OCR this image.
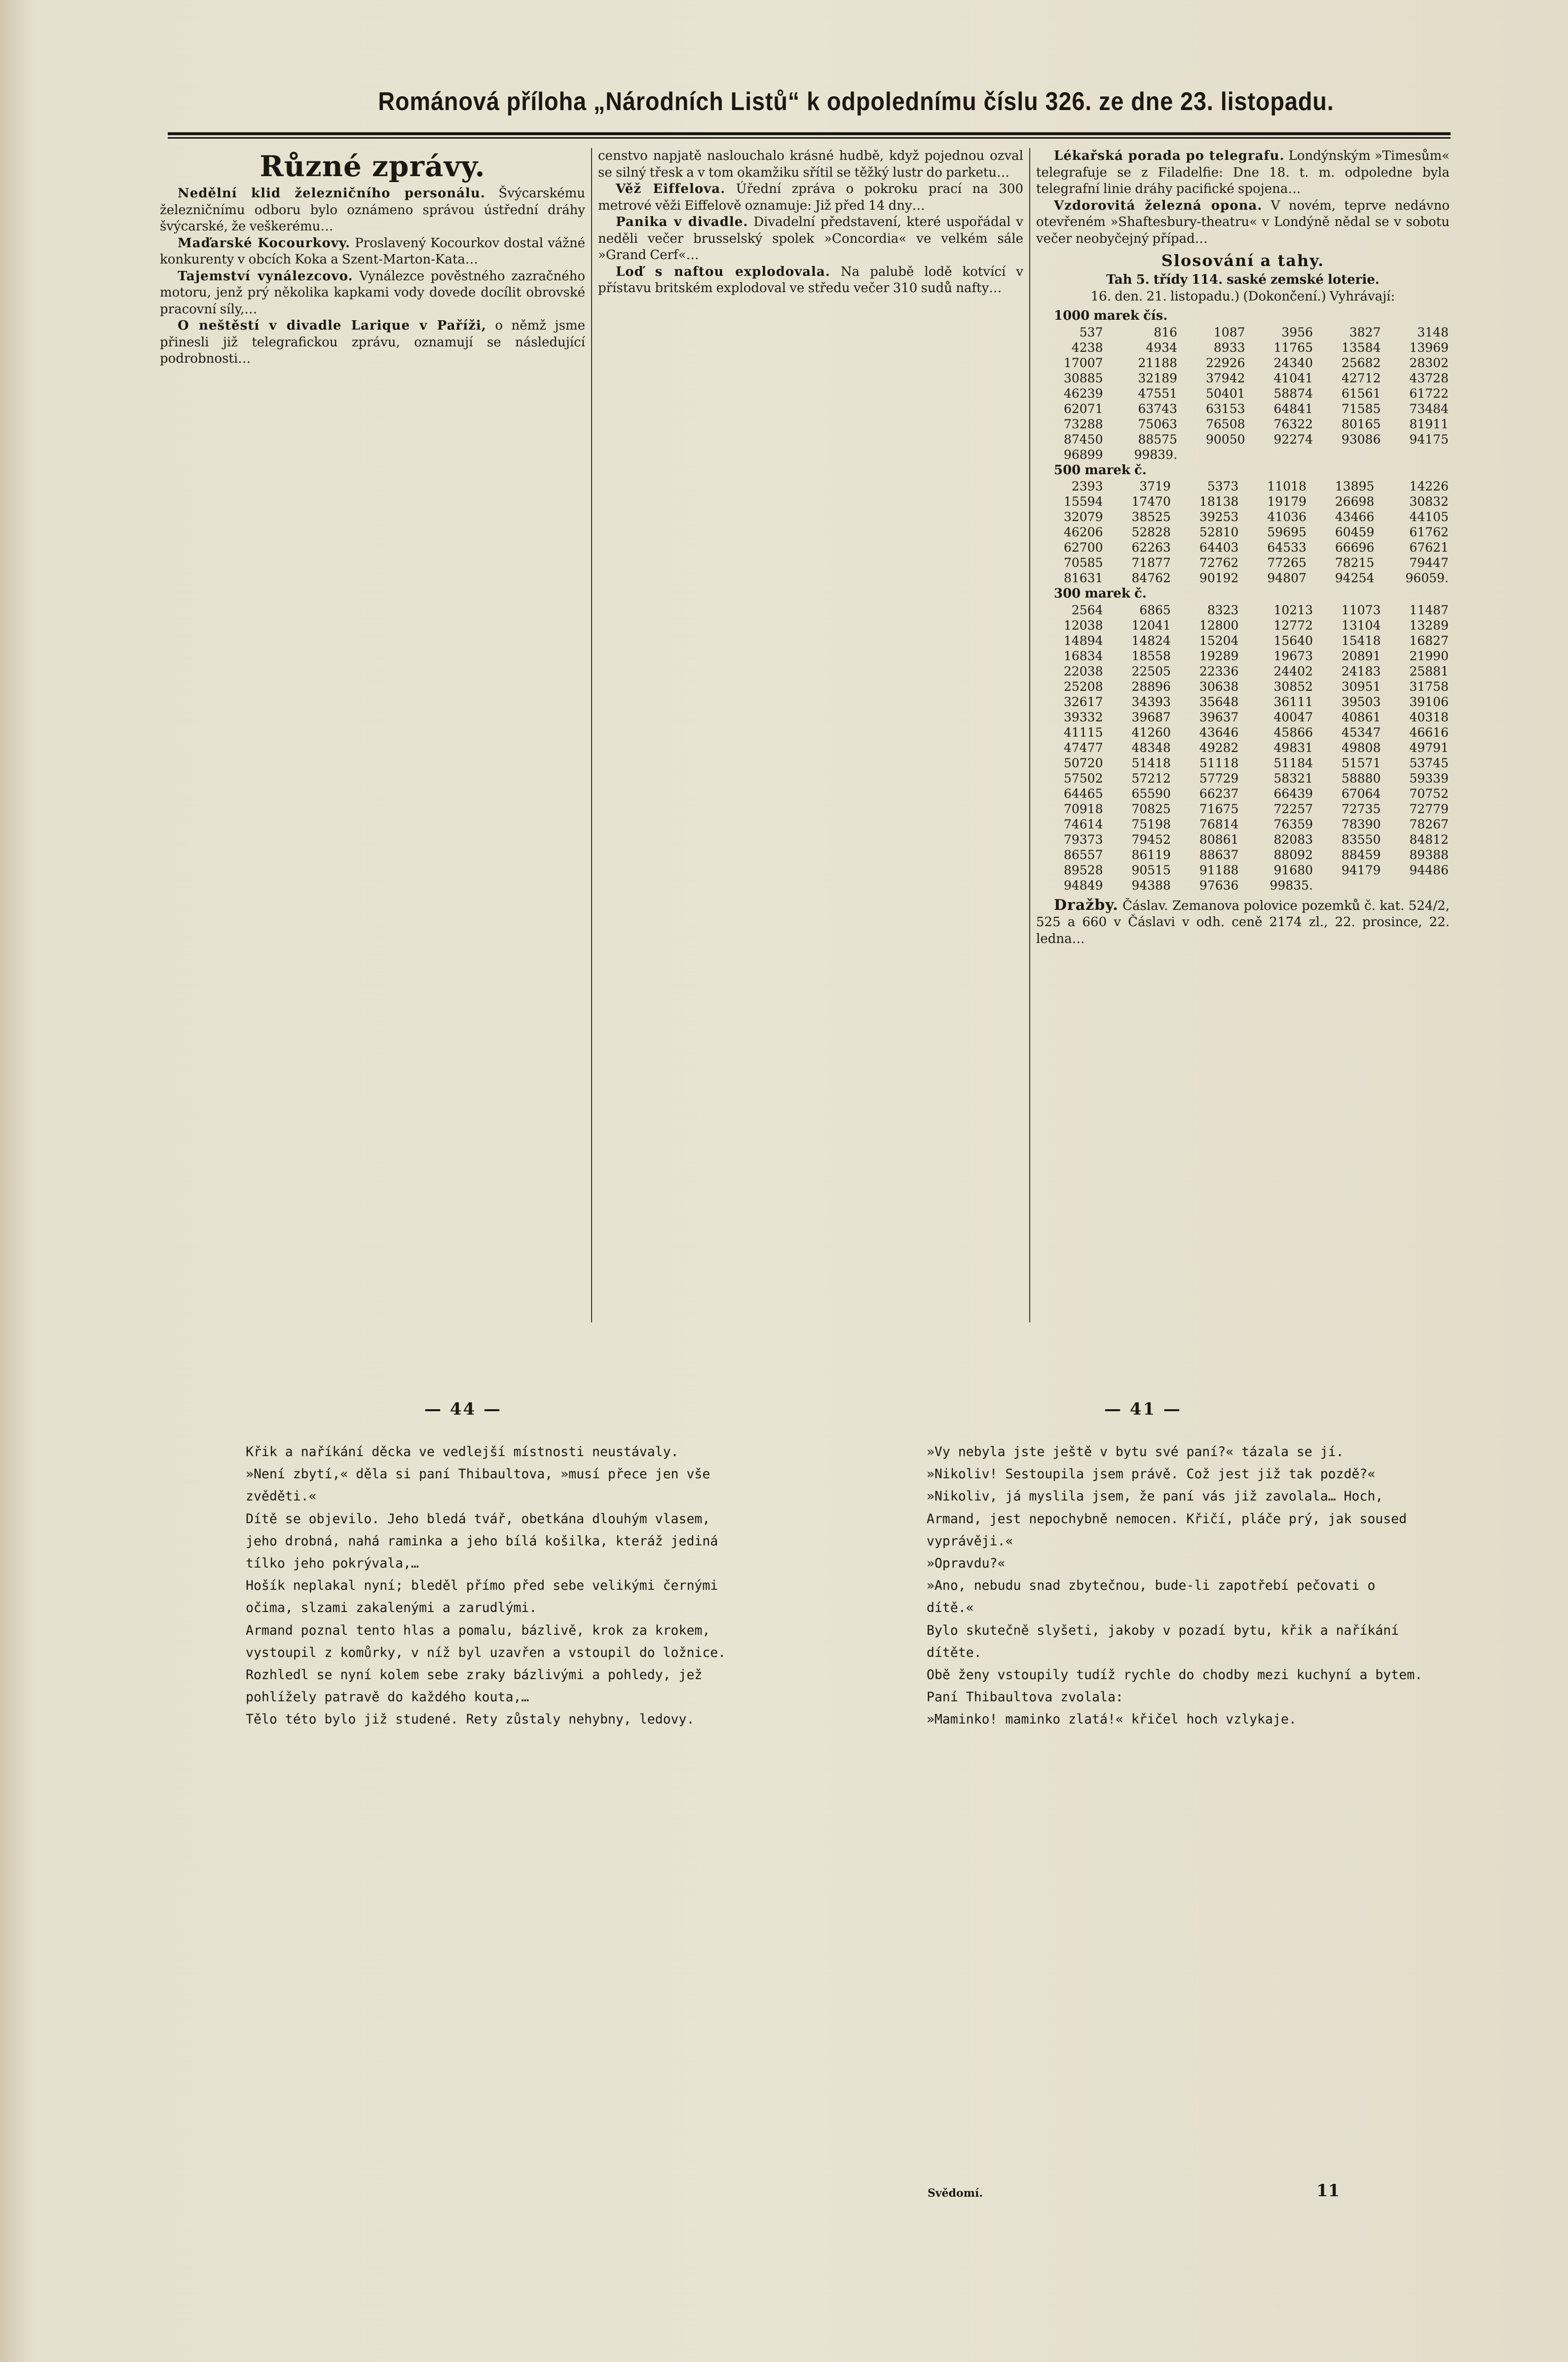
Románová příloha „Národních Listů“ k odpolednímu číslu 326. ze dne 23. listopadu.
Různé zprávy.

Nedělní klid železničního personálu. Švýcarskému železničnímu odboru bylo oznámeno správou ústřední dráhy švýcarské, že veškerému…

Maďarské Kocourkovy. Proslavený Kocourkov dostal vážné konkurenty v obcích Koka a Szent-Marton-Kata…

Tajemství vynálezcovo. Vynálezce pověstného zazračného motoru, jenž prý několika kapkami vody dovede docílit obrovské pracovní síly,…

O neštěstí v divadle Larique v Paříži, o němž jsme přinesli již telegrafickou zprávu, oznamují se následující podrobnosti…

censtvo napjatě naslouchalo krásné hudbě, když pojednou ozval se silný třesk a v tom okamžiku sřítil se těžký lustr do parketu…

Věž Eiffelova. Úřední zpráva o pokroku prací na 300 metrové věži Eiffelově oznamuje: Již před 14 dny…

Panika v divadle. Divadelní představení, které uspořádal v neděli večer brusselský spolek »Concordia« ve velkém sále »Grand Cerf«…

Loď s naftou explodovala. Na palubě lodě kotvící v přístavu britském explodoval ve středu večer 310 sudů nafty…

Lékařská porada po telegrafu. Londýnským »Timesům« telegrafuje se z Filadelfie: Dne 18. t. m. odpoledne byla telegrafní linie dráhy pacifické spojena…

Vzdorovitá železná opona. V novém, teprve nedávno otevřeném »Shaftesbury-theatru« v Londýně nědal se v sobotu večer neobyčejný případ…

Slosování a tahy.

Tah 5. třídy 114. saské zemské loterie.

16. den. 21. listopadu.) (Dokončení.) Vyhrávají:

1000 marek čís.

537	816	1087	3956	3827	3148
4238	4934	8933	11765	13584	13969
17007	21188	22926	24340	25682	28302
30885	32189	37942	41041	42712	43728
46239	47551	50401	58874	61561	61722
62071	63743	63153	64841	71585	73484
73288	75063	76508	76322	80165	81911
87450	88575	90050	92274	93086	94175
96899	99839.				

500 marek č.

2393	3719	5373	11018	13895	14226
15594	17470	18138	19179	26698	30832
32079	38525	39253	41036	43466	44105
46206	52828	52810	59695	60459	61762
62700	62263	64403	64533	66696	67621
70585	71877	72762	77265	78215	79447
81631	84762	90192	94807	94254	96059.

300 marek č.

2564	6865	8323	10213	11073	11487
12038	12041	12800	12772	13104	13289
14894	14824	15204	15640	15418	16827
16834	18558	19289	19673	20891	21990
22038	22505	22336	24402	24183	25881
25208	28896	30638	30852	30951	31758
32617	34393	35648	36111	39503	39106
39332	39687	39637	40047	40861	40318
41115	41260	43646	45866	45347	46616
47477	48348	49282	49831	49808	49791
50720	51418	51118	51184	51571	53745
57502	57212	57729	58321	58880	59339
64465	65590	66237	66439	67064	70752
70918	70825	71675	72257	72735	72779
74614	75198	76814	76359	78390	78267
79373	79452	80861	82083	83550	84812
86557	86119	88637	88092	88459	89388
89528	90515	91188	91680	94179	94486
94849	94388	97636	99835.		

Dražby. Čáslav. Zemanova polovice pozemků č. kat. 524/2, 525 a 660 v Čáslavi v odh. ceně 2174 zl., 22. prosince, 22. ledna…

— 44 —	— 41 —

Křik a naříkání děcka ve vedlejší místnosti neustávaly.

»Není zbytí,« děla si paní Thibaultova, »musí přece jen vše zvěděti.«

Dítě se objevilo. Jeho bledá tvář, obetkána dlouhým vlasem, jeho drobná, nahá raminka a jeho bílá košilka, kteráž jediná tílko jeho pokrývala,…

Hošík neplakal nyní; bleděl přímo před sebe velikými černými očima, slzami zakalenými a zarudlými.

Armand poznal tento hlas a pomalu, bázlivě, krok za krokem, vystoupil z komůrky, v níž byl uzavřen a vstoupil do ložnice.

Rozhledl se nyní kolem sebe zraky bázlivými a pohledy, jež pohlížely patravě do každého kouta,…

Tělo této bylo již studené. Rety zůstaly nehybny, ledovy.

»Vy nebyla jste ještě v bytu své paní?« tázala se jí.

»Nikoliv! Sestoupila jsem právě. Což jest již tak pozdě?«

»Nikoliv, já myslila jsem, že paní vás již zavolala… Hoch, Armand, jest nepochybně nemocen. Křičí, pláče prý, jak soused vyprávěji.«

»Opravdu?«

»Ano, nebudu snad zbytečnou, bude-li zapotřebí pečovati o dítě.«

Bylo skutečně slyšeti, jakoby v pozadí bytu, křik a naříkání dítěte.

Obě ženy vstoupily tudíž rychle do chodby mezi kuchyní a bytem.

Paní Thibaultova zvolala:

»Maminko! maminko zlatá!« křičel hoch vzlykaje.

Svědomí.	11
